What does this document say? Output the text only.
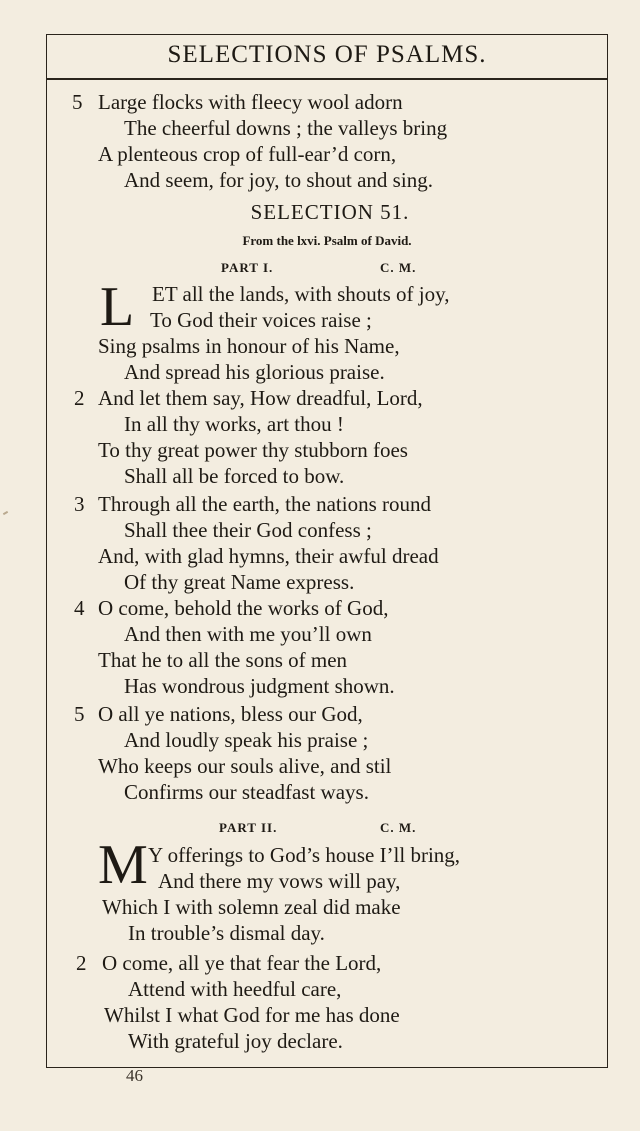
SELECTIONS OF PSALMS.
5 Large flocks with fleecy wool adorn
The cheerful downs ; the valleys bring
A plenteous crop of full-ear’d corn,
And seem, for joy, to shout and sing.
SELECTION 51.
From the lxvi. Psalm of David.
PART I.	C. M.
L ET all the lands, with shouts of joy,
To God their voices raise ;
Sing psalms in honour of his Name,
And spread his glorious praise.
2 And let them say, How dreadful, Lord,
In all thy works, art thou !
To thy great power thy stubborn foes
Shall all be forced to bow.
3 Through all the earth, the nations round
Shall thee their God confess ;
And, with glad hymns, their awful dread
Of thy great Name express.
4 O come, behold the works of God,
And then with me you’ll own
That he to all the sons of men
Has wondrous judgment shown.
5 O all ye nations, bless our God,
And loudly speak his praise ;
Who keeps our souls alive, and stil
Confirms our steadfast ways.
PART II.	C. M.
M Y offerings to God’s house I’ll bring,
And there my vows will pay,
Which I with solemn zeal did make
In trouble’s dismal day.
2 O come, all ye that fear the Lord,
Attend with heedful care,
Whilst I what God for me has done
With grateful joy declare.
46
